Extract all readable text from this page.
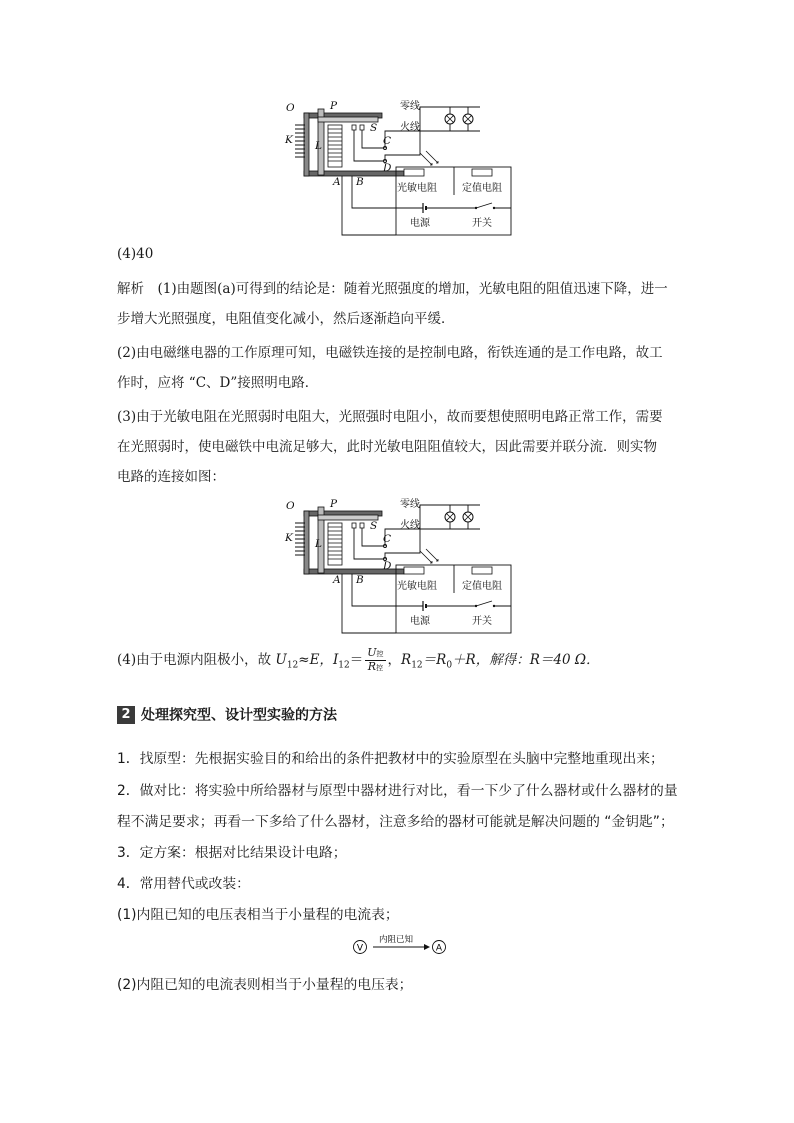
O	P
K L
S
C
D
A B
零线
火线
光敏电阻	定值电阻
电源	开关
(4)40
解析　(1)由题图(a)可得到的结论是：随着光照强度的增加，光敏电阻的阻值迅速下降，进一
步增大光照强度，电阻值变化减小，然后逐渐趋向平缓．
(2)由电磁继电器的工作原理可知，电磁铁连接的是控制电路，衔铁连通的是工作电路，故工
作时，应将 “C、D”接照明电路．
(3)由于光敏电阻在光照弱时电阻大，光照强时电阻小，故而要想使照明电路正常工作，需要
在光照弱时，使电磁铁中电流足够大，此时光敏电阻阻值较大，因此需要并联分流．则实物
电路的连接如图：
O	P
K L
S
C
D
A B
零线
火线
光敏电阻	定值电阻
电源	开关
(4)由于电源内阻极小，故 $U_{12}\approx E$，$I_{12}= \frac{\text{U控}}{\text{R控}}$ ，$R_{12}=R_0+R$，解得：R＝40 Ω．
2 处理探究型、设计型实验的方法
1．找原型：先根据实验目的和给出的条件把教材中的实验原型在头脑中完整地重现出来；
2．做对比：将实验中所给器材与原型中器材进行对比，看一下少了什么器材或什么器材的量
程不满足要求；再看一下多给了什么器材，注意多给的器材可能就是解决问题的 “金钥匙”；
3．定方案：根据对比结果设计电路；
4．常用替代或改装：
(1)内阻已知的电压表相当于小量程的电流表；
V
内阻已知
A
(2)内阻已知的电流表则相当于小量程的电压表；
